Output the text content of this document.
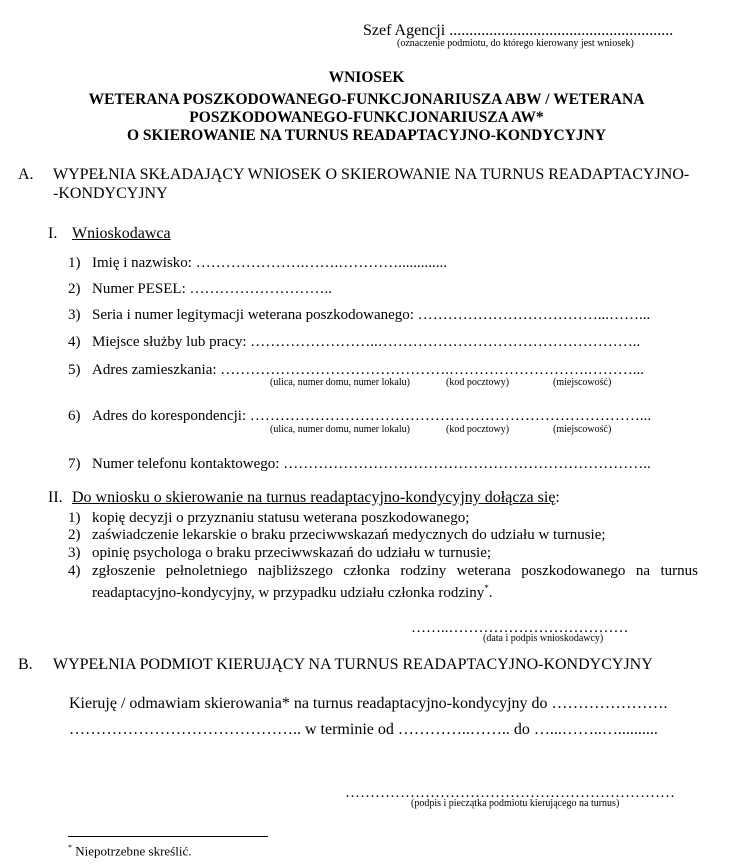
Szef Agencji ........................................................
(oznaczenie podmiotu, do którego kierowany jest wniosek)
WNIOSEK
WETERANA POSZKODOWANEGO-FUNKCJONARIUSZA ABW / WETERANA
POSZKODOWANEGO-FUNKCJONARIUSZA AW*
O SKIEROWANIE NA TURNUS READAPTACYJNO-KONDYCYJNY
A. WYPEŁNIA SKŁADAJĄCY WNIOSEK O SKIEROWANIE NA TURNUS READAPTACYJNO-
-KONDYCYJNY
I. Wnioskodawca
1) Imię i nazwisko: ………………….…….………….............
2) Numer PESEL: ………………………..
3) Seria i numer legitymacji weterana poszkodowanego: ………………………………...……...
4) Miejsce służby lub pracy: ……………………..……………………………………………..
5) Adres zamieszkania: ……………………………………….……………………….………...
(ulica, numer domu, numer lokalu)	(kod pocztowy)	(miejscowość)
6) Adres do korespondencji: ……………………………………………………………………...
(ulica, numer domu, numer lokalu)	(kod pocztowy)	(miejscowość)
7) Numer telefonu kontaktowego: ………………………………………………………………..
II. Do wniosku o skierowanie na turnus readaptacyjno-kondycyjny dołącza się:
1) kopię decyzji o przyznaniu statusu weterana poszkodowanego;
2) zaświadczenie lekarskie o braku przeciwwskazań medycznych do udziału w turnusie;
3) opinię psychologa o braku przeciwwskazań do udziału w turnusie;
4) zgłoszenie pełnoletniego najbliższego członka rodziny weterana poszkodowanego na turnus readaptacyjno-kondycyjny, w przypadku udziału członka rodziny*.
……..………………………………
(data i podpis wnioskodawcy)
B. WYPEŁNIA PODMIOT KIERUJĄCY NA TURNUS READAPTACYJNO-KONDYCYJNY
Kieruję / odmawiam skierowania* na turnus readaptacyjno-kondycyjny do ………………….
…………………………………….. w terminie od …………..…….. do …...……..…..........
…………………………………………………………
(podpis i pieczątka podmiotu kierującego na turnus)
* Niepotrzebne skreślić.
